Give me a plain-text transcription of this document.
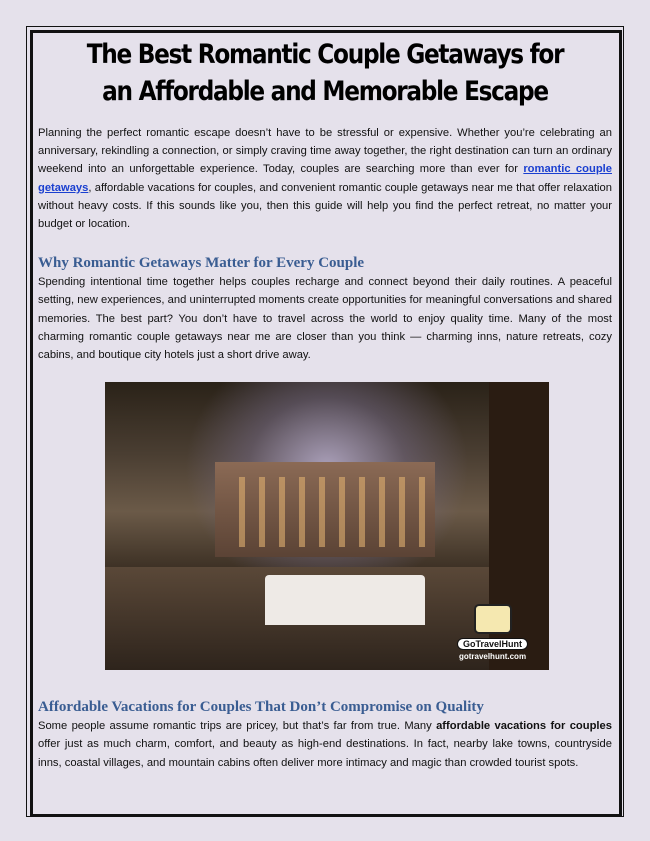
The Best Romantic Couple Getaways for an Affordable and Memorable Escape

Planning the perfect romantic escape doesn’t have to be stressful or expensive. Whether you’re celebrating an anniversary, rekindling a connection, or simply craving time away together, the right destination can turn an ordinary weekend into an unforgettable experience. Today, couples are searching more than ever for romantic couple getaways, affordable vacations for couples, and convenient romantic couple getaways near me that offer relaxation without heavy costs. If this sounds like you, then this guide will help you find the perfect retreat, no matter your budget or location.

Why Romantic Getaways Matter for Every Couple

Spending intentional time together helps couples recharge and connect beyond their daily routines. A peaceful setting, new experiences, and uninterrupted moments create opportunities for meaningful conversations and shared memories. The best part? You don’t have to travel across the world to enjoy quality time. Many of the most charming romantic couple getaways near me are closer than you think — charming inns, nature retreats, cozy cabins, and boutique city hotels just a short drive away.

GoTravelHunt
gotravelhunt.com
Affordable Vacations for Couples That Don’t Compromise on Quality

Some people assume romantic trips are pricey, but that’s far from true. Many affordable vacations for couples offer just as much charm, comfort, and beauty as high-end destinations. In fact, nearby lake towns, countryside inns, coastal villages, and mountain cabins often deliver more intimacy and magic than crowded tourist spots.
